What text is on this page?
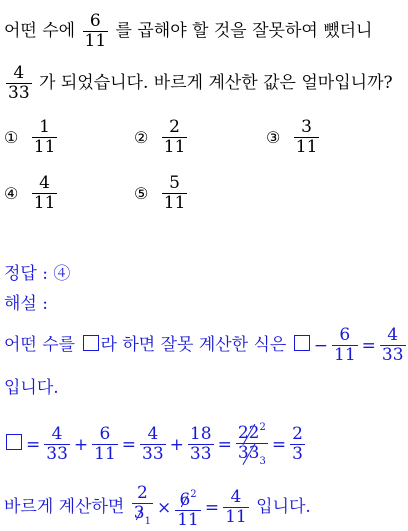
어떤 수에 $\frac{6}{11}$ 를 곱해야 할 것을 잘못하여 뺐더니
$\frac{4}{33}$ 가 되었습니다. 바르게 계산한 값은 얼마입니까?
① $\frac{1}{11}$	② $\frac{2}{11}$	③ $\frac{3}{11}$
④ $\frac{4}{11}$	⑤ $\frac{5}{11}$
정답 : ④
해설 :
어떤 수를 라 하면 잘못 계산한 식은 − $\frac{6}{11} = \frac{4}{33}$
입니다.
= $\frac{4}{33} + \frac{6}{11} = \frac{4}{33} + \frac{18}{33} = \frac{22^2}{33_3} = \frac{2}{3}$
바르게 계산하면 $\frac{2}{3_1} \times \frac{6^2}{11} = \frac{4}{11}$ 입니다.
